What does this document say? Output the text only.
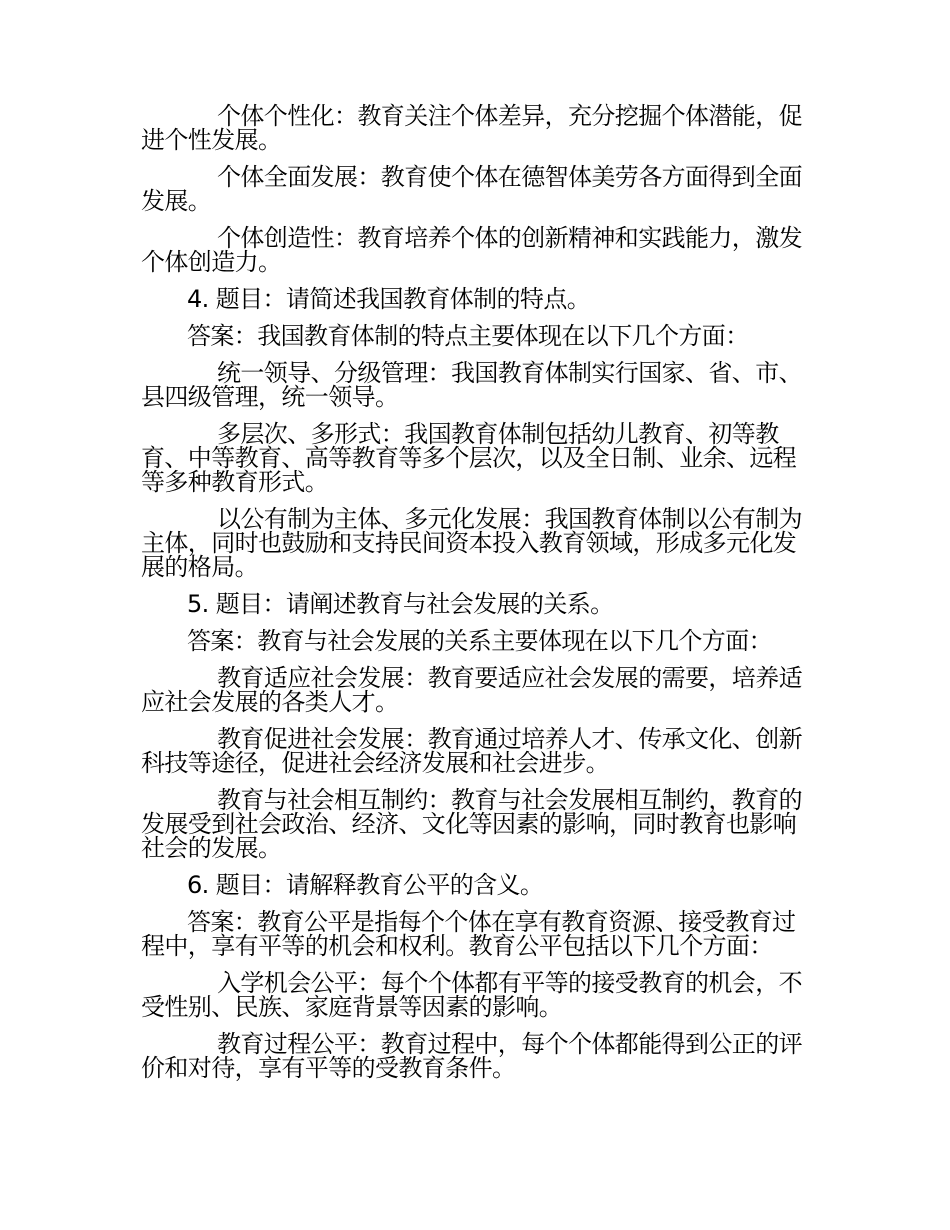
个体个性化：教育关注个体差异，充分挖掘个体潜能，促进个性发展。

个体全面发展：教育使个体在德智体美劳各方面得到全面发展。

个体创造性：教育培养个体的创新精神和实践能力，激发个体创造力。

4. 题目：请简述我国教育体制的特点。

答案：我国教育体制的特点主要体现在以下几个方面：

统一领导、分级管理：我国教育体制实行国家、省、市、县四级管理，统一领导。

多层次、多形式：我国教育体制包括幼儿教育、初等教育、中等教育、高等教育等多个层次，以及全日制、业余、远程等多种教育形式。

以公有制为主体、多元化发展：我国教育体制以公有制为主体，同时也鼓励和支持民间资本投入教育领域，形成多元化发展的格局。

5. 题目：请阐述教育与社会发展的关系。

答案：教育与社会发展的关系主要体现在以下几个方面：

教育适应社会发展：教育要适应社会发展的需要，培养适应社会发展的各类人才。

教育促进社会发展：教育通过培养人才、传承文化、创新科技等途径，促进社会经济发展和社会进步。

教育与社会相互制约：教育与社会发展相互制约，教育的发展受到社会政治、经济、文化等因素的影响，同时教育也影响社会的发展。

6. 题目：请解释教育公平的含义。

答案：教育公平是指每个个体在享有教育资源、接受教育过程中，享有平等的机会和权利。教育公平包括以下几个方面：

入学机会公平：每个个体都有平等的接受教育的机会，不受性别、民族、家庭背景等因素的影响。

教育过程公平：教育过程中，每个个体都能得到公正的评价和对待，享有平等的受教育条件。
